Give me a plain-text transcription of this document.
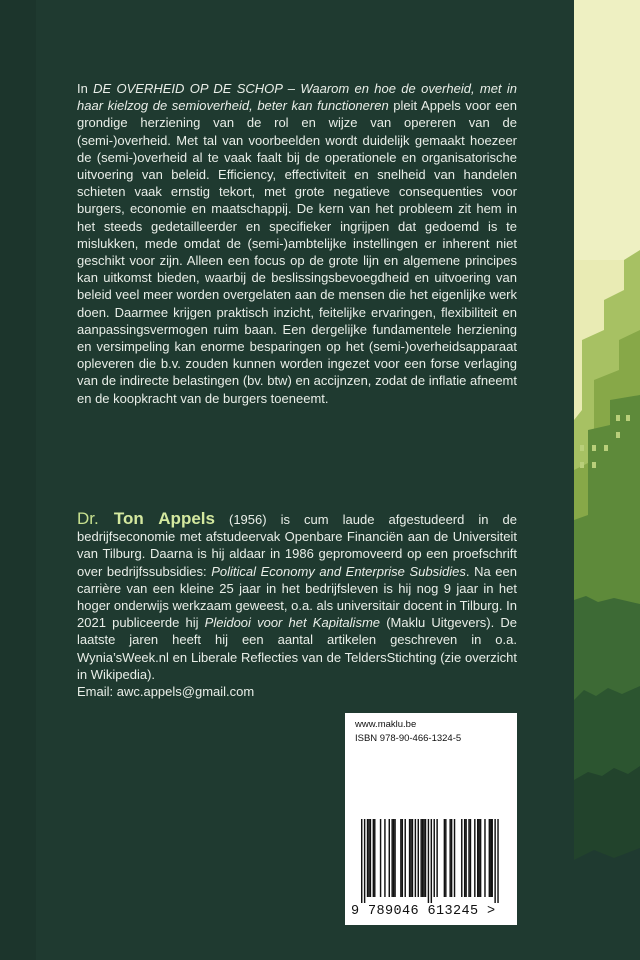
In DE OVERHEID OP DE SCHOP – Waarom en hoe de overheid, met in haar kielzog de semioverheid, beter kan functioneren pleit Appels voor een grondige herziening van de rol en wijze van opereren van de (semi-)overheid. Met tal van voorbeelden wordt duidelijk gemaakt hoezeer de (semi-)overheid al te vaak faalt bij de operationele en organisatorische uitvoering van beleid. Efficiency, effectiviteit en snelheid van handelen schieten vaak ernstig tekort, met grote negatieve consequenties voor burgers, economie en maatschappij. De kern van het probleem zit hem in het steeds gedetailleerder en specifieker ingrijpen dat gedoemd is te mislukken, mede omdat de (semi-)ambtelijke instellingen er inherent niet geschikt voor zijn. Alleen een focus op de grote lijn en algemene principes kan uitkomst bieden, waarbij de beslissingsbevoegdheid en uitvoering van beleid veel meer worden overgelaten aan de mensen die het eigenlijke werk doen. Daarmee krijgen praktisch inzicht, feitelijke ervaringen, flexibiliteit en aanpassingsvermogen ruim baan. Een dergelijke fundamentele herziening en versimpeling kan enorme besparingen op het (semi-)overheidsapparaat opleveren die b.v. zouden kunnen worden ingezet voor een forse verlaging van de indirecte belastingen (bv. btw) en accijnzen, zodat de inflatie afneemt en de koopkracht van de burgers toeneemt.

Dr. Ton Appels (1956) is cum laude afgestudeerd in de bedrijfseconomie met afstudeervak Openbare Financiën aan de Universiteit van Tilburg. Daarna is hij aldaar in 1986 gepromoveerd op een proefschrift over bedrijfssubsidies: Political Economy and Enterprise Subsidies. Na een carrière van een kleine 25 jaar in het bedrijfsleven is hij nog 9 jaar in het hoger onderwijs werkzaam geweest, o.a. als universitair docent in Tilburg. In 2021 publiceerde hij Pleidooi voor het Kapitalisme (Maklu Uitgevers). De laatste jaren heeft hij een aantal artikelen geschreven in o.a. Wynia’sWeek.nl en Liberale Reflecties van de TeldersStichting (zie overzicht in Wikipedia).
Email: awc.appels@gmail.com

www.maklu.be
ISBN 978-90-466-1324-5
9 789046 613245 >
